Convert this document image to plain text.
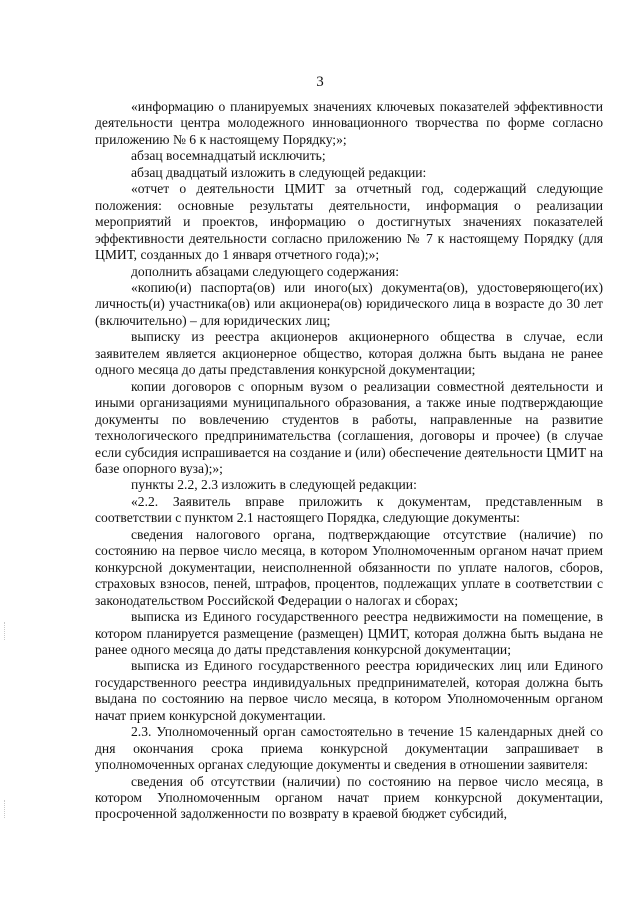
3

«информацию о планируемых значениях ключевых показателей эффективности деятельности центра молодежного инновационного творчества по форме согласно приложению № 6 к настоящему Порядку;»;

абзац восемнадцатый исключить;

абзац двадцатый изложить в следующей редакции:

«отчет о деятельности ЦМИТ за отчетный год, содержащий следующие положения: основные результаты деятельности, информация о реализации мероприятий и проектов, информацию о достигнутых значениях показателей эффективности деятельности согласно приложению № 7 к настоящему Порядку (для ЦМИТ, созданных до 1 января отчетного года);»;

дополнить абзацами следующего содержания:

«копию(и) паспорта(ов) или иного(ых) документа(ов), удостоверяющего(их) личность(и) участника(ов) или акционера(ов) юридического лица в возрасте до 30 лет (включительно) – для юридических лиц;

выписку из реестра акционеров акционерного общества в случае, если заявителем является акционерное общество, которая должна быть выдана не ранее одного месяца до даты представления конкурсной документации;

копии договоров с опорным вузом о реализации совместной деятельности и иными организациями муниципального образования, а также иные подтверждающие документы по вовлечению студентов в работы, направленные на развитие технологического предпринимательства (соглашения, договоры и прочее) (в случае если субсидия испрашивается на создание и (или) обеспечение деятельности ЦМИТ на базе опорного вуза);»;

пункты 2.2, 2.3 изложить в следующей редакции:

«2.2. Заявитель вправе приложить к документам, представленным в соответствии с пунктом 2.1 настоящего Порядка, следующие документы:

сведения налогового органа, подтверждающие отсутствие (наличие) по состоянию на первое число месяца, в котором Уполномоченным органом начат прием конкурсной документации, неисполненной обязанности по уплате налогов, сборов, страховых взносов, пеней, штрафов, процентов, подлежащих уплате в соответствии с законодательством Российской Федерации о налогах и сборах;

выписка из Единого государственного реестра недвижимости на помещение, в котором планируется размещение (размещен) ЦМИТ, которая должна быть выдана не ранее одного месяца до даты представления конкурсной документации;

выписка из Единого государственного реестра юридических лиц или Единого государственного реестра индивидуальных предпринимателей, которая должна быть выдана по состоянию на первое число месяца, в котором Уполномоченным органом начат прием конкурсной документации.

2.3. Уполномоченный орган самостоятельно в течение 15 календарных дней со дня окончания срока приема конкурсной документации запрашивает в уполномоченных органах следующие документы и сведения в отношении заявителя:

сведения об отсутствии (наличии) по состоянию на первое число месяца, в котором Уполномоченным органом начат прием конкурсной документации, просроченной задолженности по возврату в краевой бюджет субсидий,
